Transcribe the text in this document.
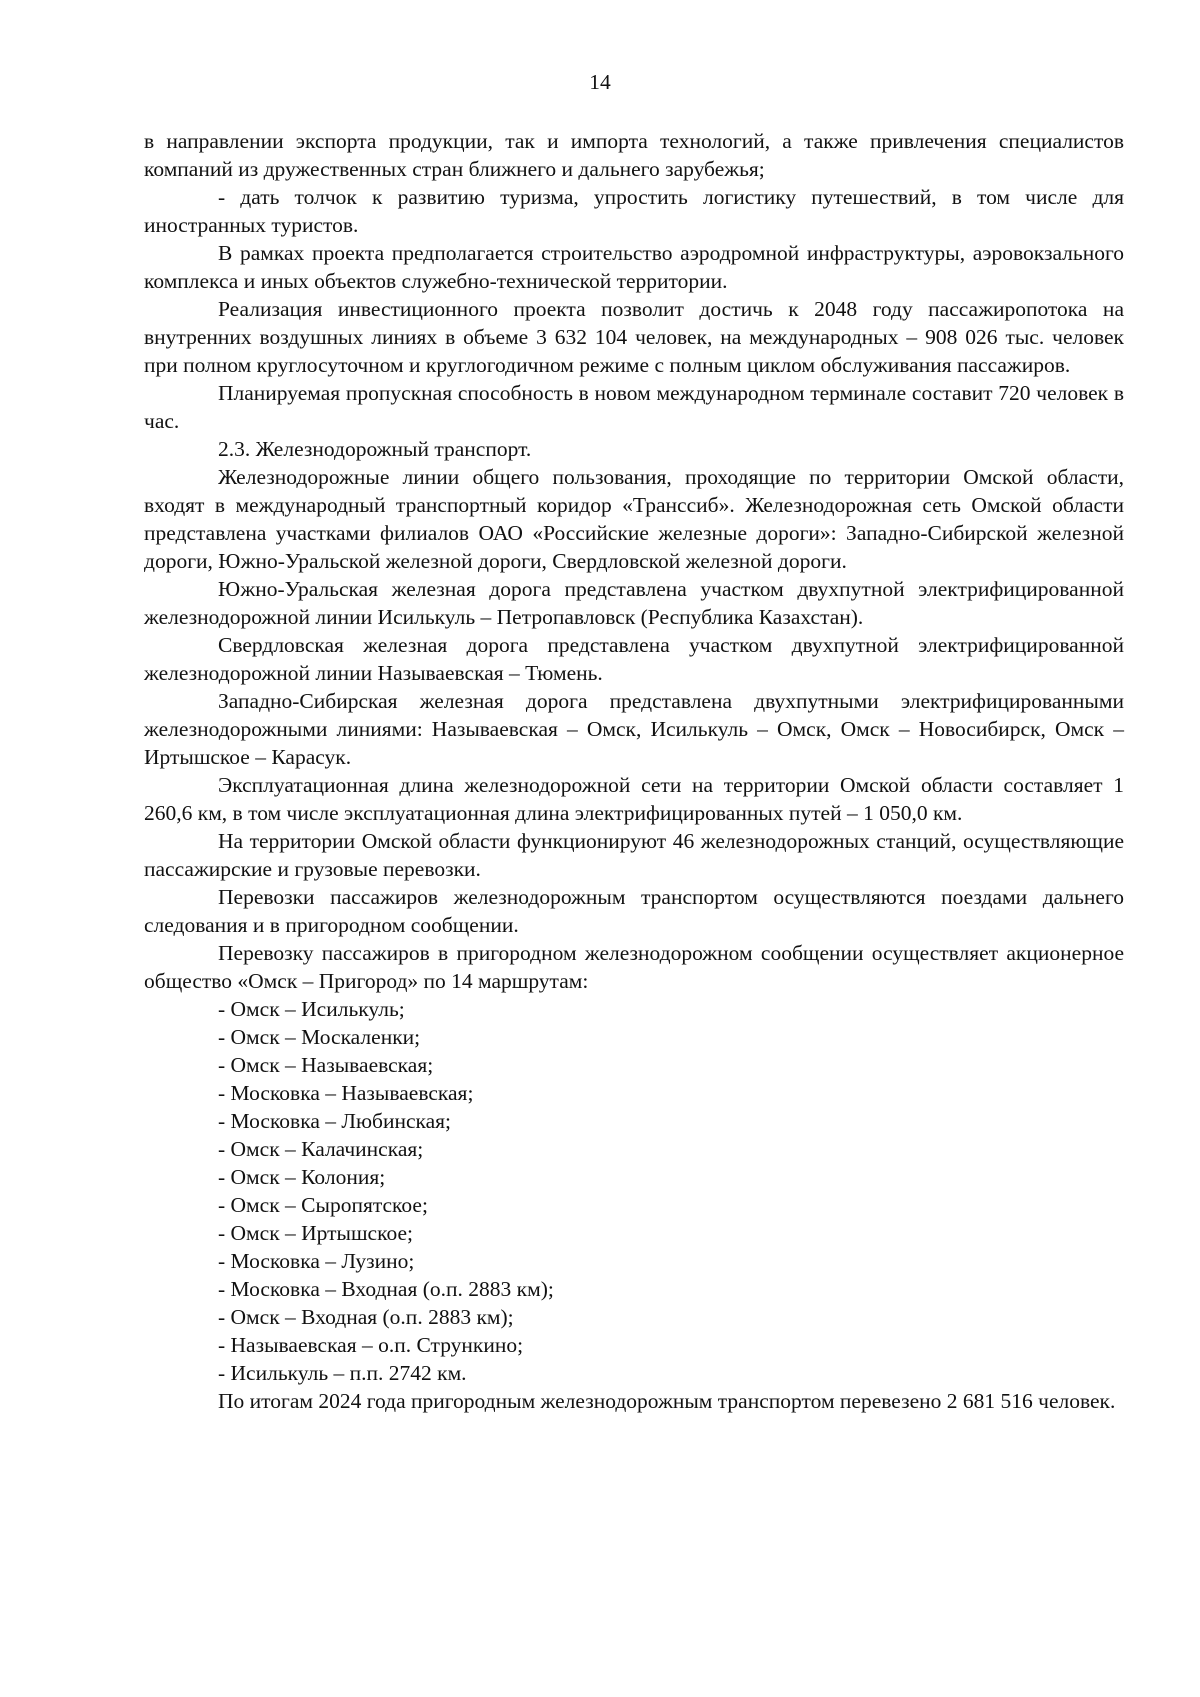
14

в направлении экспорта продукции, так и импорта технологий, а также привлечения специалистов компаний из дружественных стран ближнего и дальнего зарубежья;

- дать толчок к развитию туризма, упростить логистику путешествий, в том числе для иностранных туристов.

В рамках проекта предполагается строительство аэродромной инфраструктуры, аэровокзального комплекса и иных объектов служебно-технической территории.

Реализация инвестиционного проекта позволит достичь к 2048 году пассажиропотока на внутренних воздушных линиях в объеме 3 632 104 человек, на международных – 908 026 тыс. человек при полном круглосуточном и круглогодичном режиме с полным циклом обслуживания пассажиров.

Планируемая пропускная способность в новом международном терминале составит 720 человек в час.

2.3. Железнодорожный транспорт.

Железнодорожные линии общего пользования, проходящие по территории Омской области, входят в международный транспортный коридор «Транссиб». Железнодорожная сеть Омской области представлена участками филиалов ОАО «Российские железные дороги»: Западно-Сибирской железной дороги, Южно-Уральской железной дороги, Свердловской железной дороги.

Южно-Уральская железная дорога представлена участком двухпутной электрифицированной железнодорожной линии Исилькуль – Петропавловск (Республика Казахстан).

Свердловская железная дорога представлена участком двухпутной электрифицированной железнодорожной линии Называевская – Тюмень.

Западно-Сибирская железная дорога представлена двухпутными электрифицированными железнодорожными линиями: Называевская – Омск, Исилькуль – Омск, Омск – Новосибирск, Омск – Иртышское – Карасук.

Эксплуатационная длина железнодорожной сети на территории Омской области составляет 1 260,6 км, в том числе эксплуатационная длина электрифицированных путей – 1 050,0 км.

На территории Омской области функционируют 46 железнодорожных станций, осуществляющие пассажирские и грузовые перевозки.

Перевозки пассажиров железнодорожным транспортом осуществляются поездами дальнего следования и в пригородном сообщении.

Перевозку пассажиров в пригородном железнодорожном сообщении осуществляет акционерное общество «Омск – Пригород» по 14 маршрутам:

- Омск – Исилькуль;
- Омск – Москаленки;
- Омск – Называевская;
- Московка – Называевская;
- Московка – Любинская;
- Омск – Калачинская;
- Омск – Колония;
- Омск – Сыропятское;
- Омск – Иртышское;
- Московка – Лузино;
- Московка – Входная (о.п. 2883 км);
- Омск – Входная (о.п. 2883 км);
- Называевская – о.п. Стрункино;
- Исилькуль – п.п. 2742 км.

По итогам 2024 года пригородным железнодорожным транспортом перевезено 2 681 516 человек.
